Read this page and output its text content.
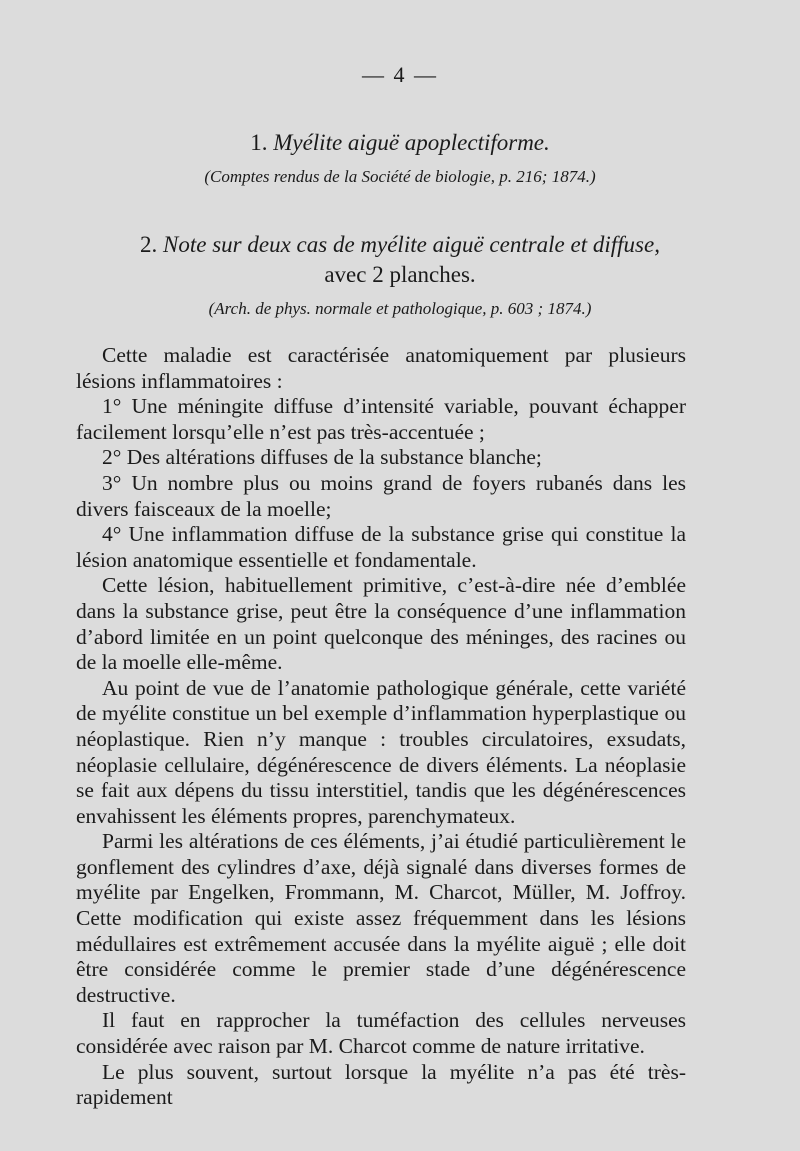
— 4 —
1. Myélite aiguë apoplectiforme.
(Comptes rendus de la Société de biologie, p. 216; 1874.)
2. Note sur deux cas de myélite aiguë centrale et diffuse,
avec 2 planches.
(Arch. de phys. normale et pathologique, p. 603 ; 1874.)

Cette maladie est caractérisée anatomiquement par plusieurs lésions inflammatoires :

1° Une méningite diffuse d’intensité variable, pouvant échapper facilement lorsqu’elle n’est pas très-accentuée ;

2° Des altérations diffuses de la substance blanche;

3° Un nombre plus ou moins grand de foyers rubanés dans les divers faisceaux de la moelle;

4° Une inflammation diffuse de la substance grise qui constitue la lésion anatomique essentielle et fondamentale.

Cette lésion, habituellement primitive, c’est-à-dire née d’emblée dans la substance grise, peut être la conséquence d’une inflammation d’abord limitée en un point quelconque des méninges, des racines ou de la moelle elle-même.

Au point de vue de l’anatomie pathologique générale, cette variété de myélite constitue un bel exemple d’inflammation hyperplastique ou néoplastique. Rien n’y manque : troubles circulatoires, exsudats, néoplasie cellulaire, dégénérescence de divers éléments. La néoplasie se fait aux dépens du tissu interstitiel, tandis que les dégénérescences envahissent les éléments propres, parenchymateux.

Parmi les altérations de ces éléments, j’ai étudié particulièrement le gonflement des cylindres d’axe, déjà signalé dans diverses formes de myélite par Engelken, Frommann, M. Charcot, Müller, M. Joffroy. Cette modification qui existe assez fréquemment dans les lésions médullaires est extrêmement accusée dans la myélite aiguë ; elle doit être considérée comme le premier stade d’une dégénérescence destructive.

Il faut en rapprocher la tuméfaction des cellules nerveuses considérée avec raison par M. Charcot comme de nature irritative.

Le plus souvent, surtout lorsque la myélite n’a pas été très-rapidement
